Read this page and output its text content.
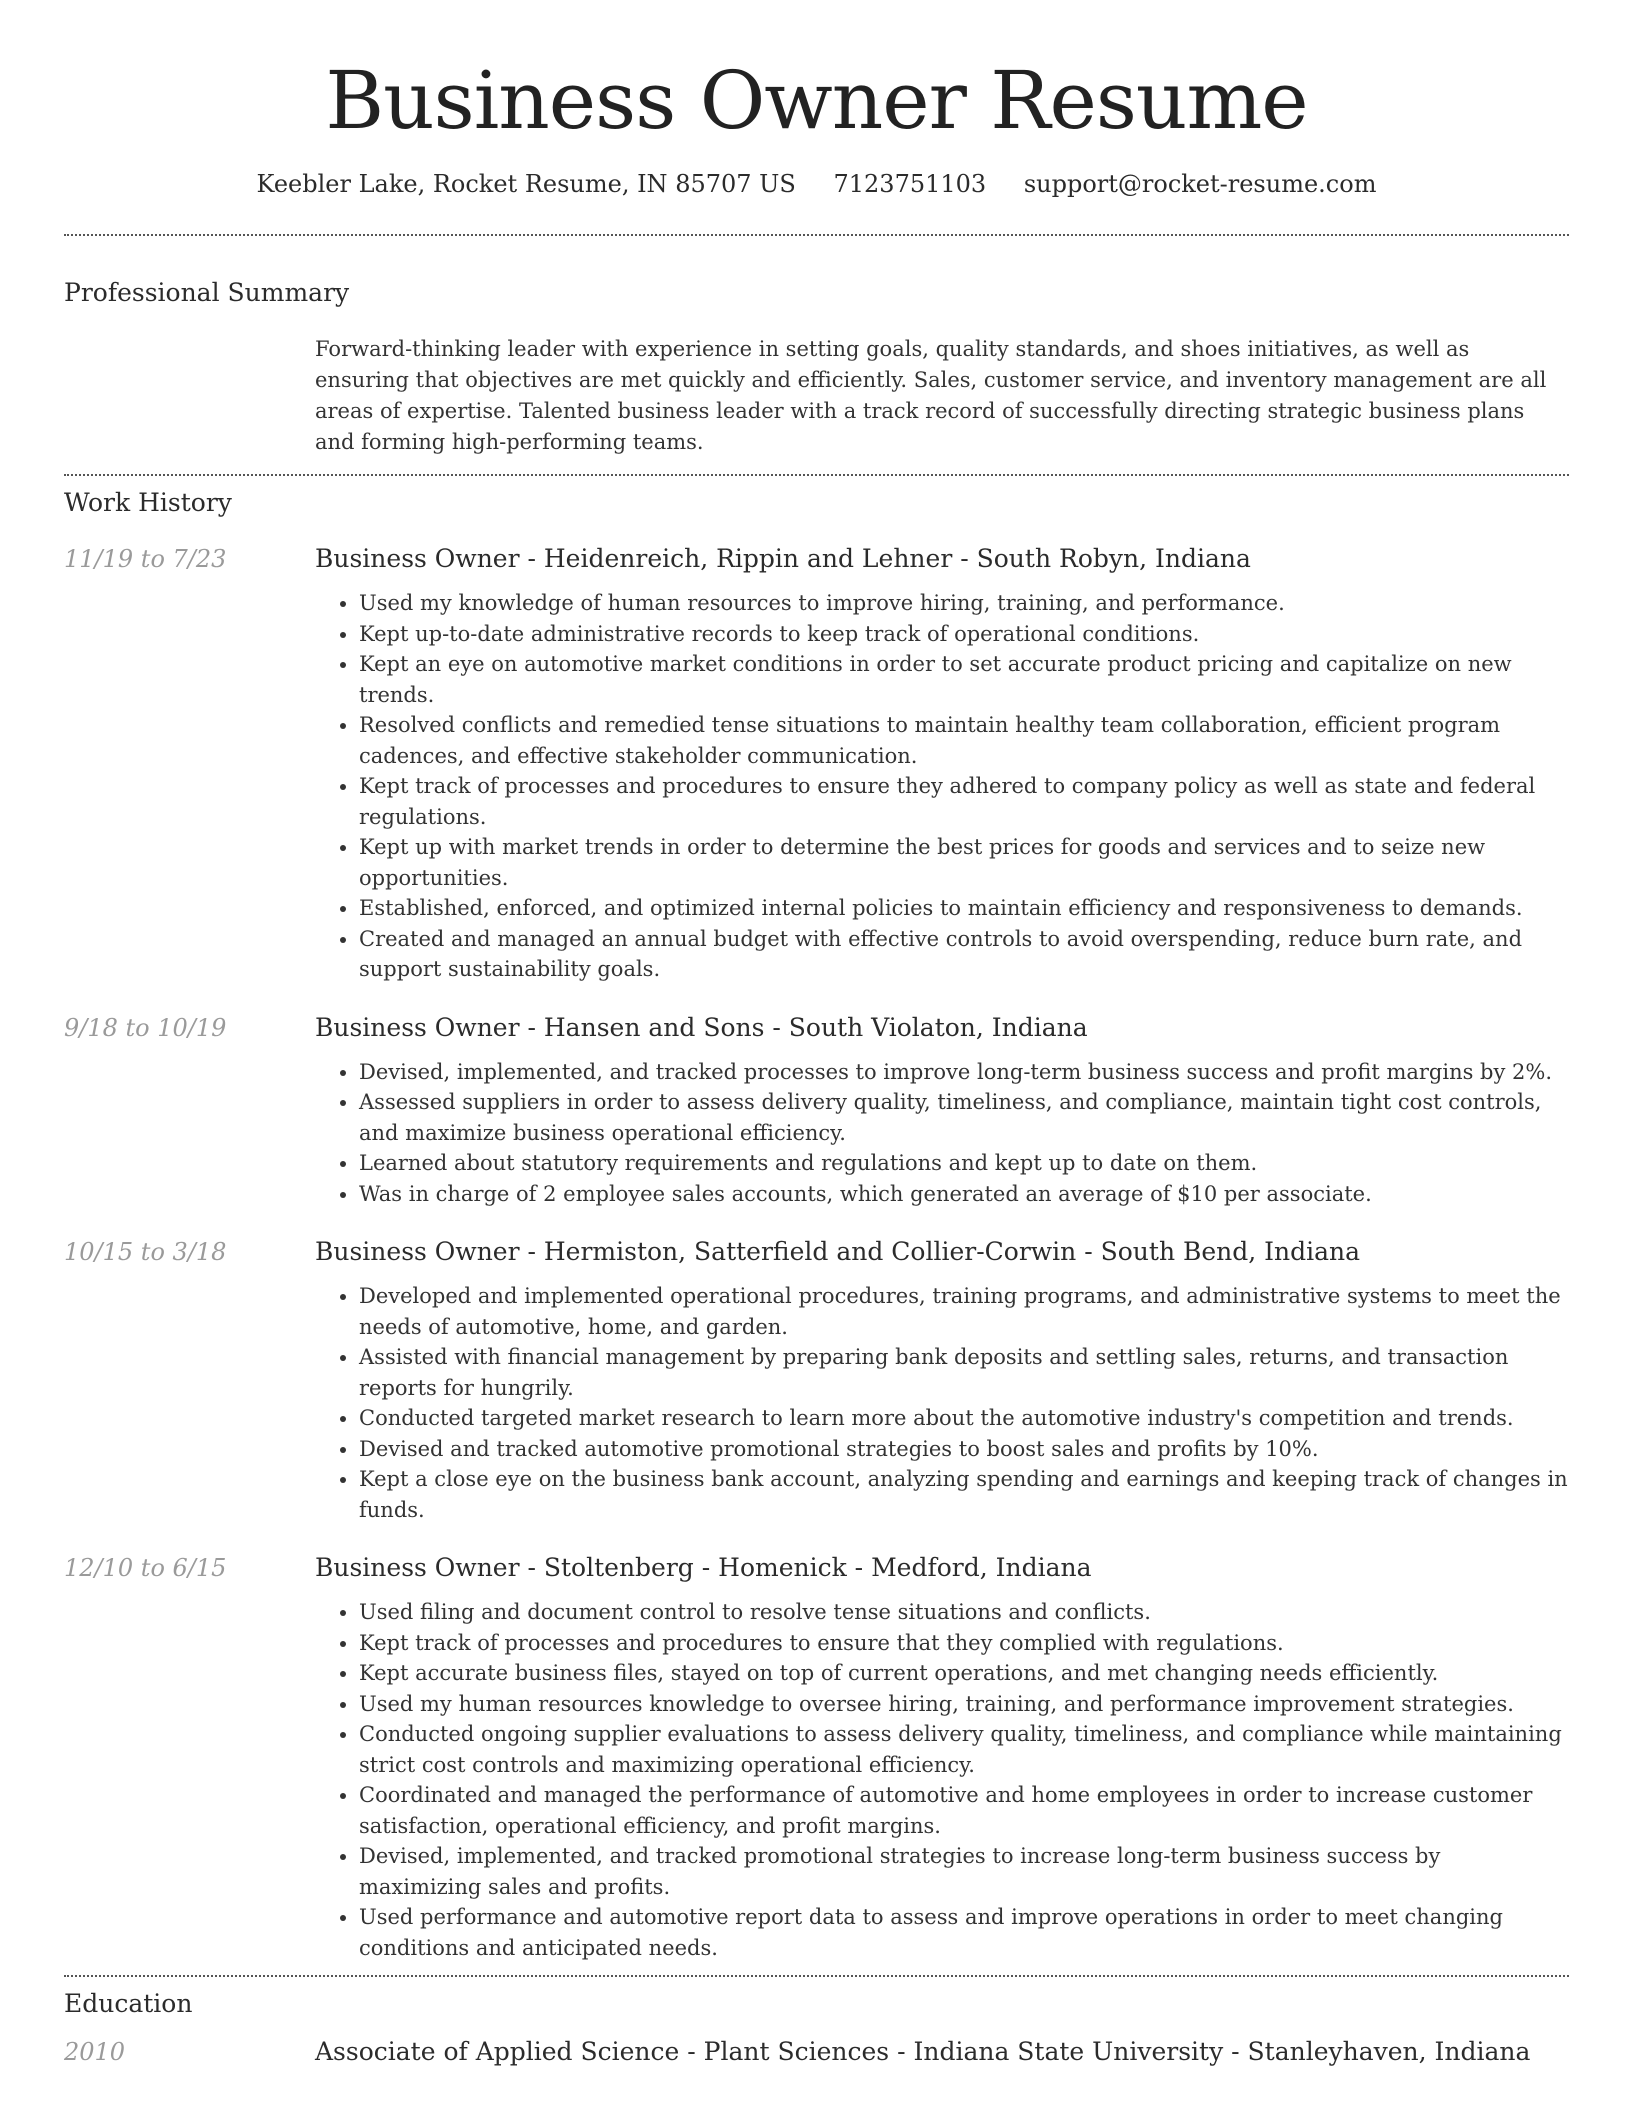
Business Owner Resume
Keebler Lake, Rocket Resume, IN 85707 US 7123751103 support@rocket-resume.com
Professional Summary

Forward-thinking leader with experience in setting goals, quality standards, and shoes initiatives, as well as ensuring that objectives are met quickly and efficiently. Sales, customer service, and inventory management are all areas of expertise. Talented business leader with a track record of successfully directing strategic business plans and forming high-performing teams.

Work History
11/19 to 7/23	Business Owner - Heidenreich, Rippin and Lehner - South Robyn, Indiana
• Used my knowledge of human resources to improve hiring, training, and performance.
• Kept up-to-date administrative records to keep track of operational conditions.
• Kept an eye on automotive market conditions in order to set accurate product pricing and capitalize on new trends.
• Resolved conflicts and remedied tense situations to maintain healthy team collaboration, efficient program cadences, and effective stakeholder communication.
• Kept track of processes and procedures to ensure they adhered to company policy as well as state and federal regulations.
• Kept up with market trends in order to determine the best prices for goods and services and to seize new opportunities.
• Established, enforced, and optimized internal policies to maintain efficiency and responsiveness to demands.
• Created and managed an annual budget with effective controls to avoid overspending, reduce burn rate, and support sustainability goals.
9/18 to 10/19	Business Owner - Hansen and Sons - South Violaton, Indiana
• Devised, implemented, and tracked processes to improve long-term business success and profit margins by 2%.
• Assessed suppliers in order to assess delivery quality, timeliness, and compliance, maintain tight cost controls, and maximize business operational efficiency.
• Learned about statutory requirements and regulations and kept up to date on them.
• Was in charge of 2 employee sales accounts, which generated an average of $10 per associate.
10/15 to 3/18	Business Owner - Hermiston, Satterfield and Collier-Corwin - South Bend, Indiana
• Developed and implemented operational procedures, training programs, and administrative systems to meet the needs of automotive, home, and garden.
• Assisted with financial management by preparing bank deposits and settling sales, returns, and transaction reports for hungrily.
• Conducted targeted market research to learn more about the automotive industry's competition and trends.
• Devised and tracked automotive promotional strategies to boost sales and profits by 10%.
• Kept a close eye on the business bank account, analyzing spending and earnings and keeping track of changes in funds.
12/10 to 6/15	Business Owner - Stoltenberg - Homenick - Medford, Indiana
• Used filing and document control to resolve tense situations and conflicts.
• Kept track of processes and procedures to ensure that they complied with regulations.
• Kept accurate business files, stayed on top of current operations, and met changing needs efficiently.
• Used my human resources knowledge to oversee hiring, training, and performance improvement strategies.
• Conducted ongoing supplier evaluations to assess delivery quality, timeliness, and compliance while maintaining strict cost controls and maximizing operational efficiency.
• Coordinated and managed the performance of automotive and home employees in order to increase customer satisfaction, operational efficiency, and profit margins.
• Devised, implemented, and tracked promotional strategies to increase long-term business success by maximizing sales and profits.
• Used performance and automotive report data to assess and improve operations in order to meet changing conditions and anticipated needs.
Education
2010	Associate of Applied Science - Plant Sciences - Indiana State University - Stanleyhaven, Indiana
